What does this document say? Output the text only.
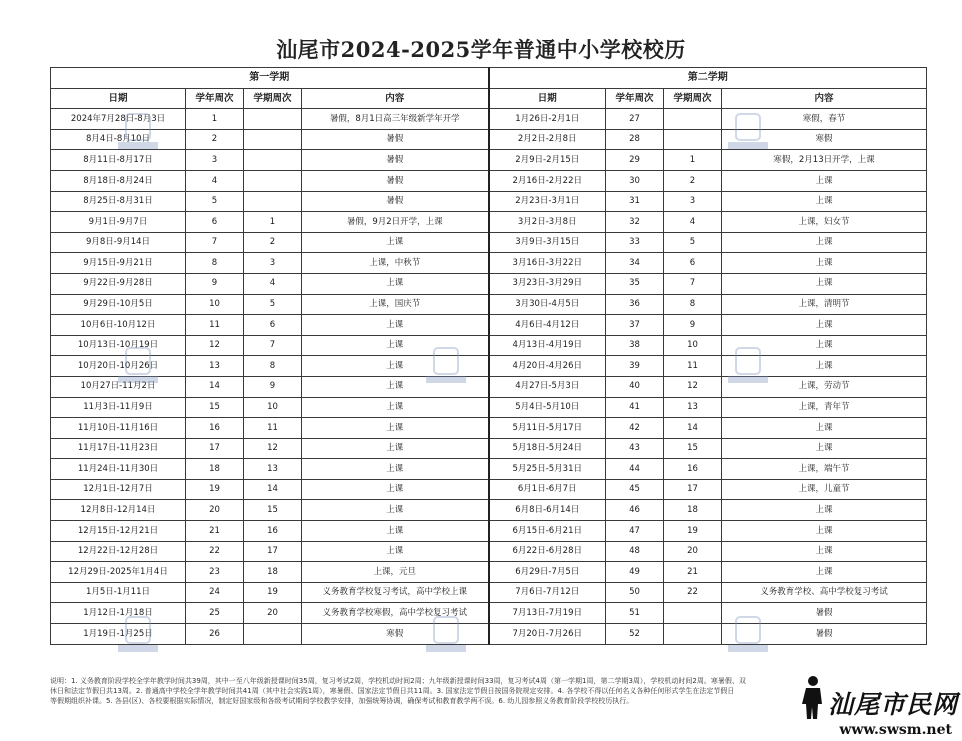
汕尾市2024-2025学年普通中小学校校历
第一学期				第二学期			
日期	学年周次	学期周次	内容	日期	学年周次	学期周次	内容
2024年7月28日-8月3日	1		暑假，8月1日高三年级新学年开学	1月26日-2月1日	27		寒假，春节
8月4日-8月10日	2		暑假	2月2日-2月8日	28		寒假
8月11日-8月17日	3		暑假	2月9日-2月15日	29	1	寒假，2月13日开学，上课
8月18日-8月24日	4		暑假	2月16日-2月22日	30	2	上课
8月25日-8月31日	5		暑假	2月23日-3月1日	31	3	上课
9月1日-9月7日	6	1	暑假，9月2日开学，上课	3月2日-3月8日	32	4	上课，妇女节
9月8日-9月14日	7	2	上课	3月9日-3月15日	33	5	上课
9月15日-9月21日	8	3	上课，中秋节	3月16日-3月22日	34	6	上课
9月22日-9月28日	9	4	上课	3月23日-3月29日	35	7	上课
9月29日-10月5日	10	5	上课，国庆节	3月30日-4月5日	36	8	上课，清明节
10月6日-10月12日	11	6	上课	4月6日-4月12日	37	9	上课
10月13日-10月19日	12	7	上课	4月13日-4月19日	38	10	上课
10月20日-10月26日	13	8	上课	4月20日-4月26日	39	11	上课
10月27日-11月2日	14	9	上课	4月27日-5月3日	40	12	上课，劳动节
11月3日-11月9日	15	10	上课	5月4日-5月10日	41	13	上课，青年节
11月10日-11月16日	16	11	上课	5月11日-5月17日	42	14	上课
11月17日-11月23日	17	12	上课	5月18日-5月24日	43	15	上课
11月24日-11月30日	18	13	上课	5月25日-5月31日	44	16	上课，端午节
12月1日-12月7日	19	14	上课	6月1日-6月7日	45	17	上课，儿童节
12月8日-12月14日	20	15	上课	6月8日-6月14日	46	18	上课
12月15日-12月21日	21	16	上课	6月15日-6月21日	47	19	上课
12月22日-12月28日	22	17	上课	6月22日-6月28日	48	20	上课
12月29日-2025年1月4日	23	18	上课，元旦	6月29日-7月5日	49	21	上课
1月5日-1月11日	24	19	义务教育学校复习考试，高中学校上课	7月6日-7月12日	50	22	义务教育学校、高中学校复习考试
1月12日-1月18日	25	20	义务教育学校寒假，高中学校复习考试	7月13日-7月19日	51		暑假
1月19日-1月25日	26		寒假	7月20日-7月26日	52		暑假
说明：1. 义务教育阶段学校全学年教学时间共39周，其中一至八年级新授课时间35周，复习考试2周，学校机动时间2周；九年级新授课时间33周，复习考试4周（第一学期1周，第二学期3周），学校机动时间2周。寒暑假、双
休日和法定节假日共13周。2. 普通高中学校全学年教学时间共41周（其中社会实践1周），寒暑假、国家法定节假日共11周。3. 国家法定节假日按国务院规定安排。4. 各学校不得以任何名义各种任何形式学生在法定节假日
等假期组织补课。5. 各县(区)、各校要根据实际情况，制定好国家级和各级考试期间学校教学安排，加强统筹协调，确保考试和教育教学两不误。6. 幼儿园参照义务教育阶段学校校历执行。	汕尾市民网
www.swsm.net
